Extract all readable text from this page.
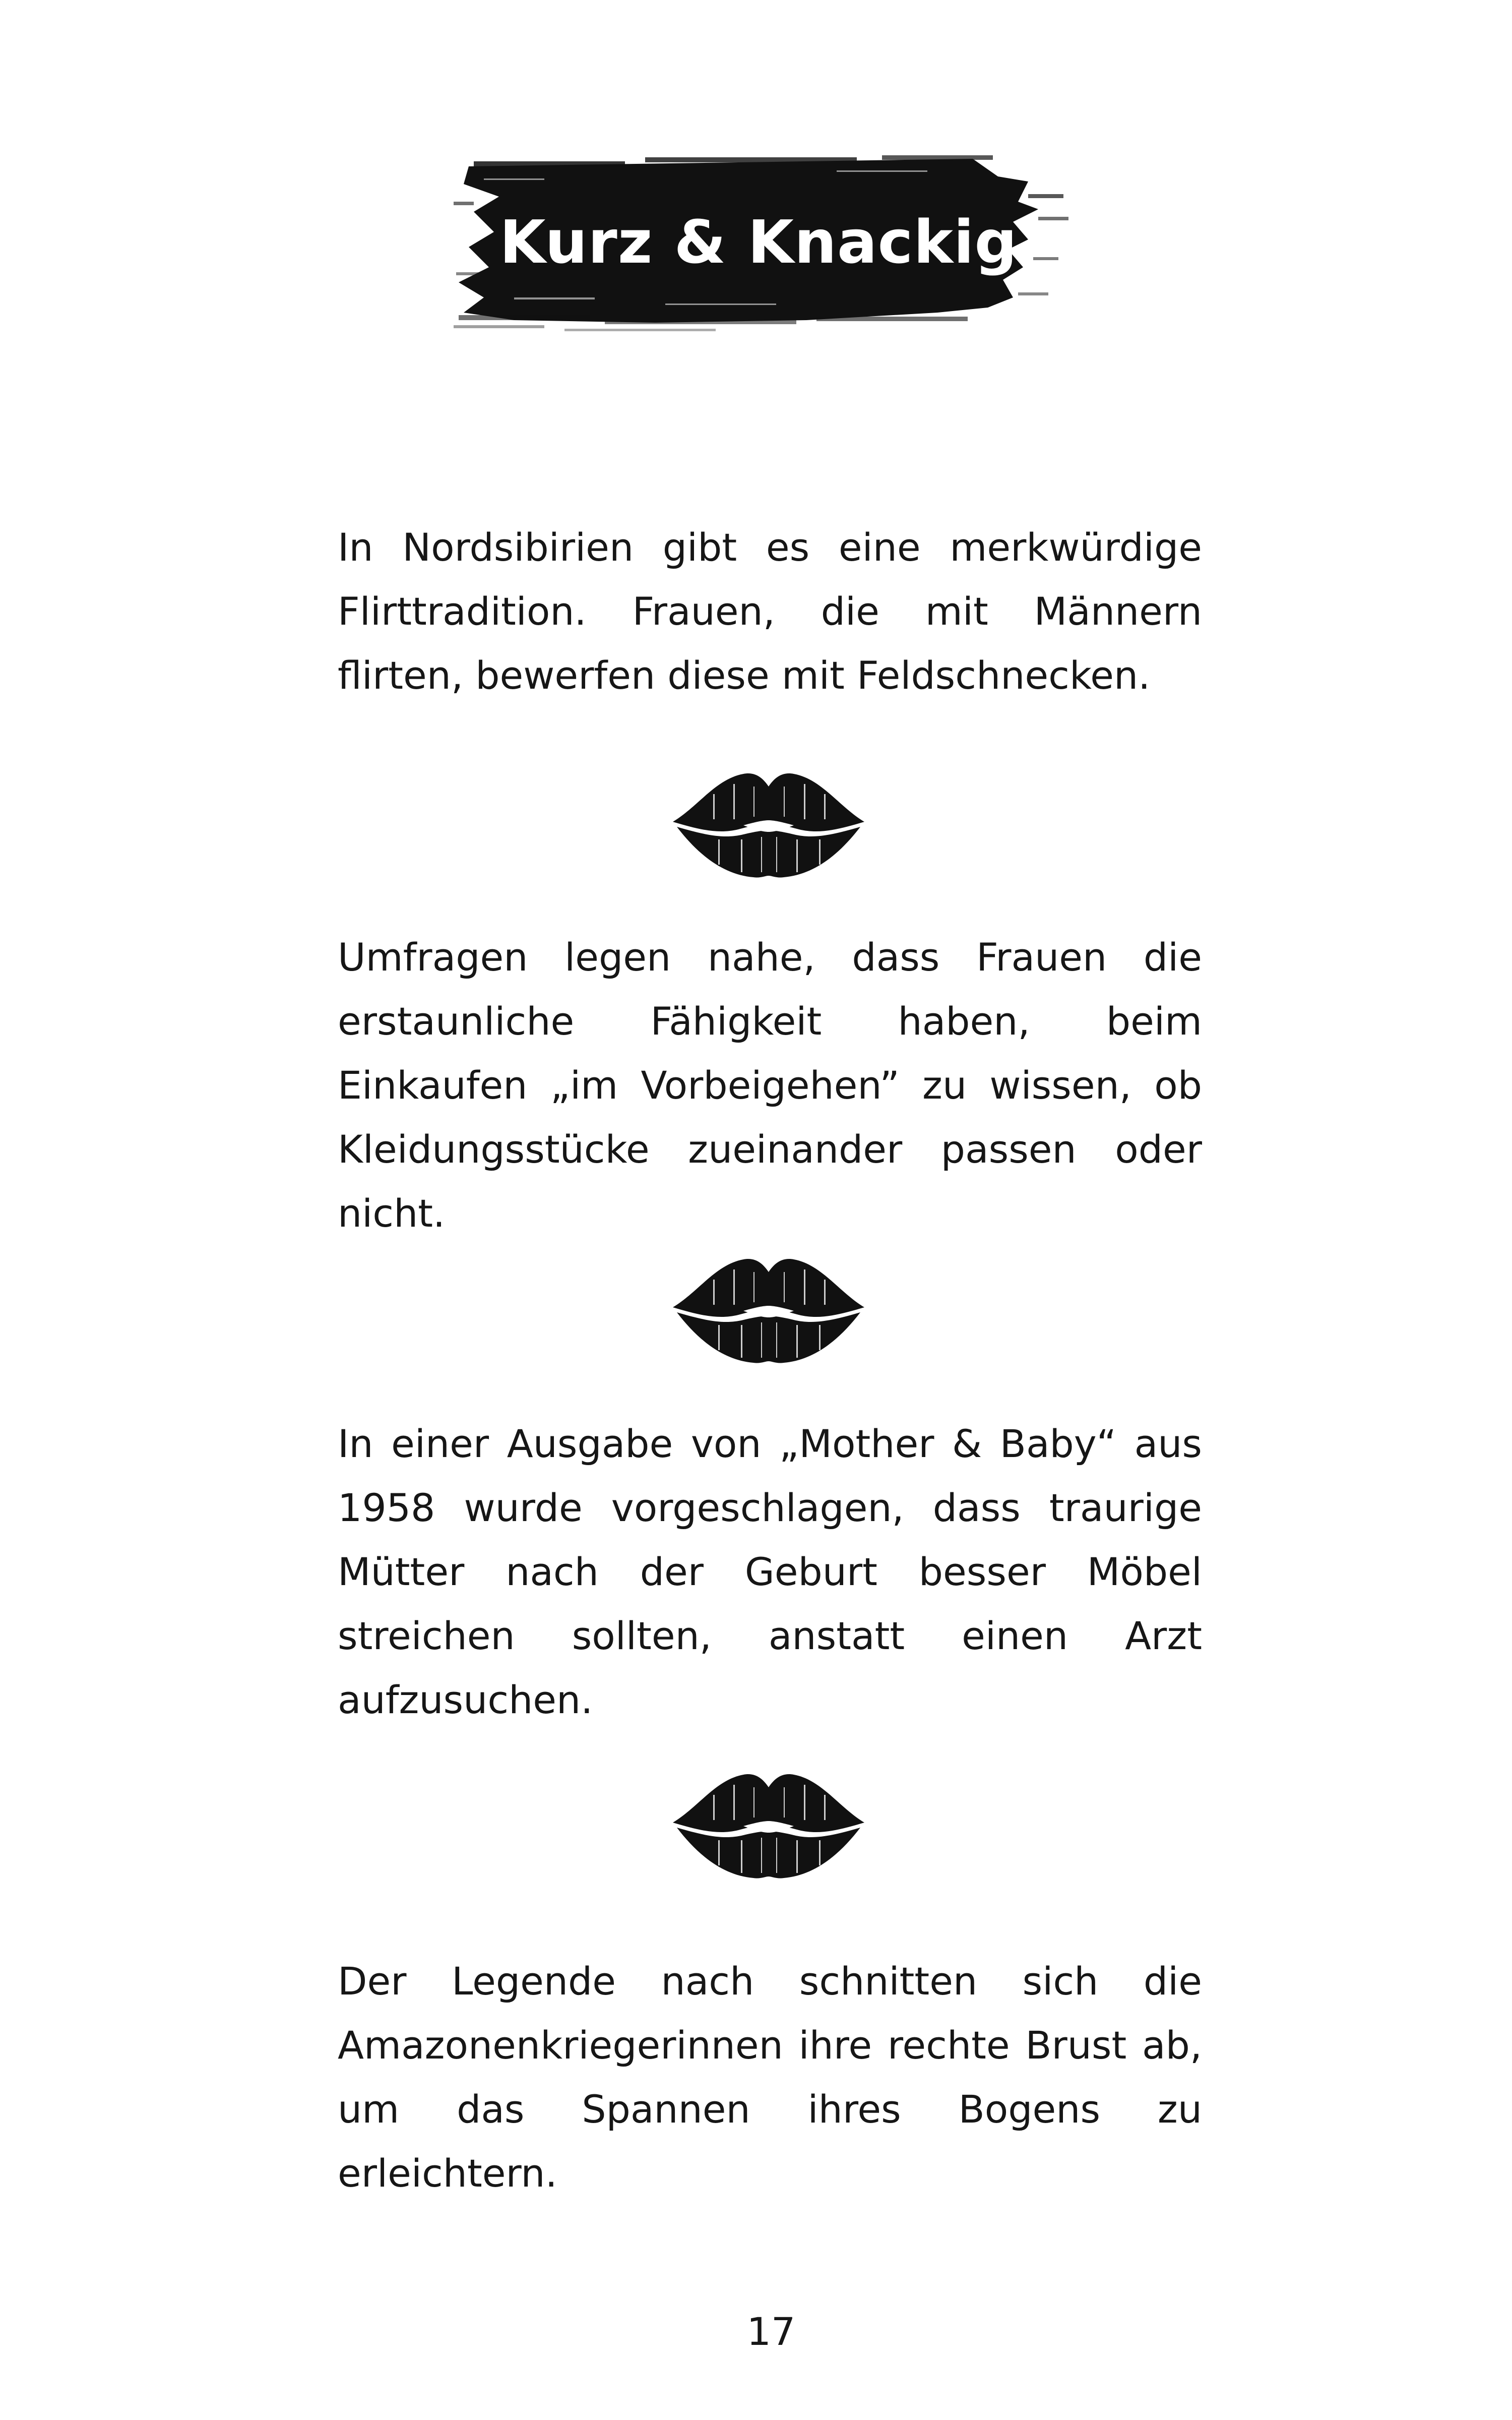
Kurz & Knackig

In Nordsibirien gibt es eine merkwürdige Flirttradition. Frauen, die mit Männern flirten, bewerfen diese mit Feldschnecken.

Umfragen legen nahe, dass Frauen die erstaunliche Fähigkeit haben, beim Einkaufen „im Vorbeigehen” zu wissen, ob Kleidungsstücke zueinander passen oder nicht.

In einer Ausgabe von „Mother & Baby“ aus 1958 wurde vorgeschlagen, dass traurige Mütter nach der Geburt besser Möbel streichen sollten, anstatt einen Arzt aufzusuchen.

Der Legende nach schnitten sich die Amazonenkriegerinnen ihre rechte Brust ab, um das Spannen ihres Bogens zu erleichtern.

17
